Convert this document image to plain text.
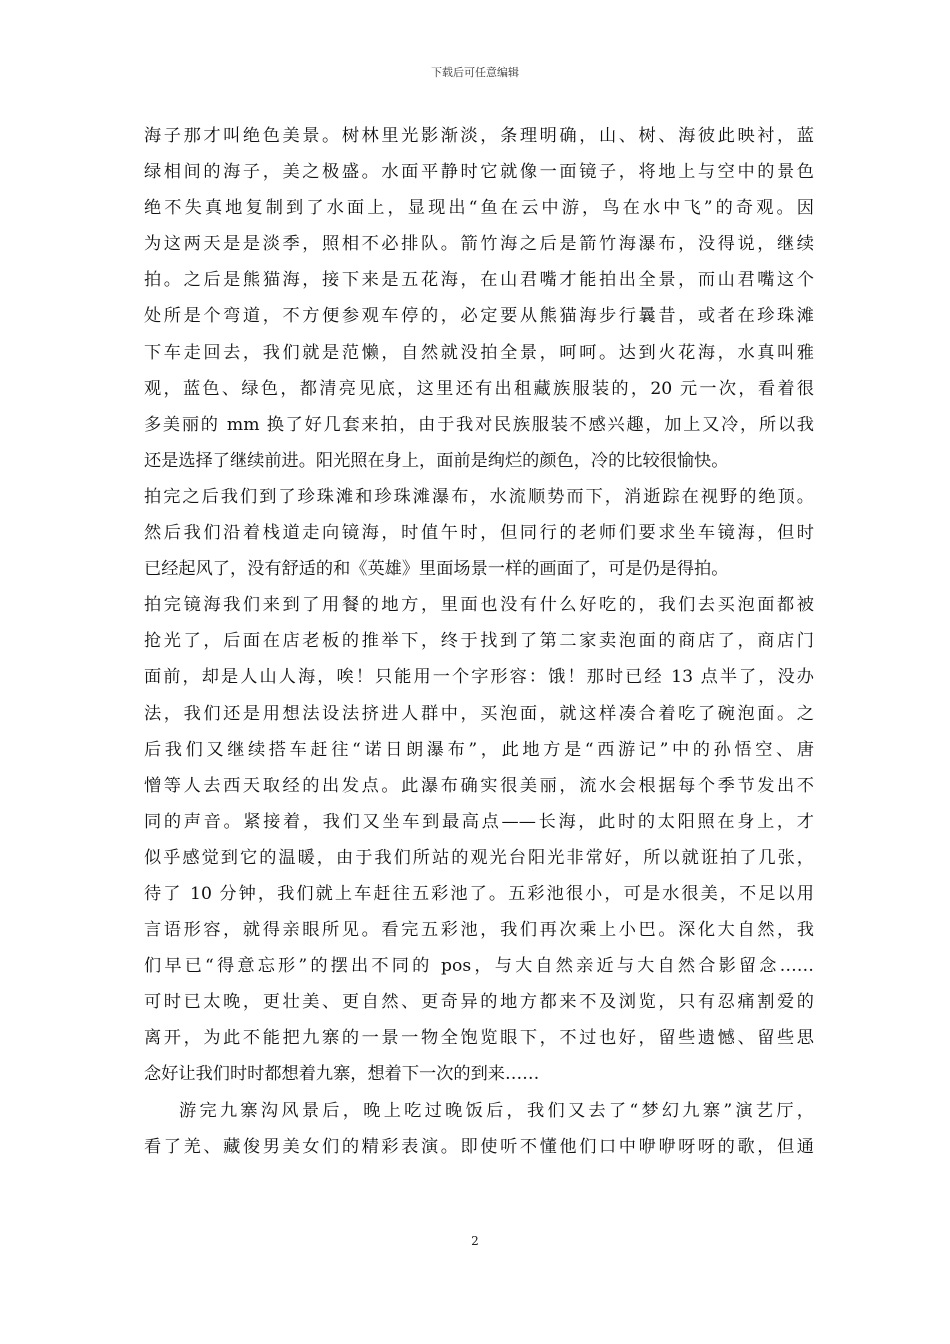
下载后可任意编辑
海子那才叫绝色美景。树林里光影渐淡，条理明确，山、树、海彼此映衬，蓝
绿相间的海子，美之极盛。水面平静时它就像一面镜子，将地上与空中的景色
绝不失真地复制到了水面上，显现出“鱼在云中游，鸟在水中飞”的奇观。因
为这两天是是淡季，照相不必排队。箭竹海之后是箭竹海瀑布，没得说，继续
拍。之后是熊猫海，接下来是五花海，在山君嘴才能拍出全景，而山君嘴这个
处所是个弯道，不方便参观车停的，必定要从熊猫海步行曩昔，或者在珍珠滩
下车走回去，我们就是范懒，自然就没拍全景，呵呵。达到火花海，水真叫雅
观，蓝色、绿色，都清亮见底，这里还有出租藏族服装的，20 元一次，看着很
多美丽的 mm 换了好几套来拍，由于我对民族服装不感兴趣，加上又冷，所以我
还是选择了继续前进。阳光照在身上，面前是绚烂的颜色，冷的比较很愉快。
拍完之后我们到了珍珠滩和珍珠滩瀑布，水流顺势而下，消逝踪在视野的绝顶。
然后我们沿着栈道走向镜海，时值午时，但同行的老师们要求坐车镜海，但时
已经起风了，没有舒适的和《英雄》里面场景一样的画面了，可是仍是得拍。
拍完镜海我们来到了用餐的地方，里面也没有什么好吃的，我们去买泡面都被
抢光了，后面在店老板的推举下，终于找到了第二家卖泡面的商店了，商店门
面前，却是人山人海，唉！只能用一个字形容：饿！那时已经 13 点半了，没办
法，我们还是用想法设法挤进人群中，买泡面，就这样凑合着吃了碗泡面。之
后我们又继续搭车赶往“诺日朗瀑布”，此地方是“西游记”中的孙悟空、唐
憎等人去西天取经的出发点。此瀑布确实很美丽，流水会根据每个季节发出不
同的声音。紧接着，我们又坐车到最高点——长海，此时的太阳照在身上，才
似乎感觉到它的温暖，由于我们所站的观光台阳光非常好，所以就诳拍了几张，
待了 10 分钟，我们就上车赶往五彩池了。五彩池很小，可是水很美，不足以用
言语形容，就得亲眼所见。看完五彩池，我们再次乘上小巴。深化大自然，我
们早已“得意忘形”的摆出不同的 pos，与大自然亲近与大自然合影留念……
可时已太晚，更壮美、更自然、更奇异的地方都来不及浏览，只有忍痛割爱的
离开，为此不能把九寨的一景一物全饱览眼下，不过也好，留些遗憾、留些思
念好让我们时时都想着九寨，想着下一次的到来……
游完九寨沟风景后，晚上吃过晚饭后，我们又去了“梦幻九寨”演艺厅，
看了羌、藏俊男美女们的精彩表演。即使听不懂他们口中咿咿呀呀的歌，但通
2
